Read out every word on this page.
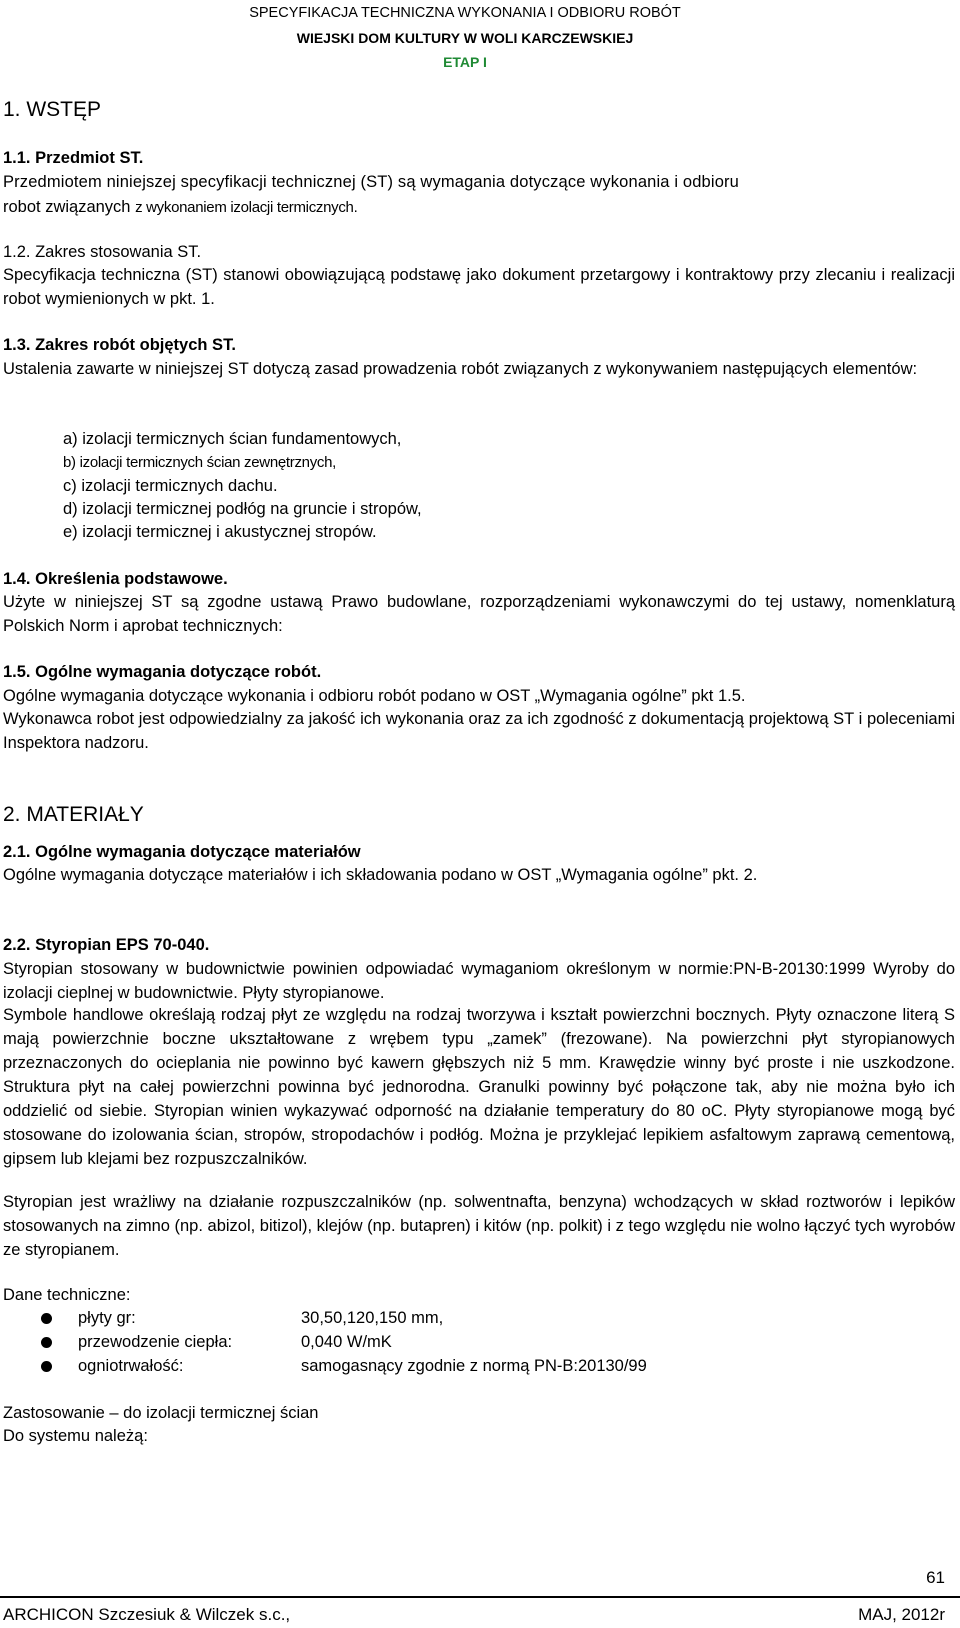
SPECYFIKACJA TECHNICZNA WYKONANIA I ODBIORU ROBÓT
WIEJSKI DOM KULTURY W WOLI KARCZEWSKIEJ
ETAP I
1. WSTĘP
1.1. Przedmiot ST.
Przedmiotem niniejszej specyfikacji technicznej (ST) są wymagania dotyczące wykonania i odbioru
robot związanych z wykonaniem izolacji termicznych.
1.2. Zakres stosowania ST.
Specyfikacja techniczna (ST) stanowi obowiązującą podstawę jako dokument przetargowy i kontraktowy przy zlecaniu i realizacji robot wymienionych w pkt. 1.
1.3. Zakres robót objętych ST.
Ustalenia zawarte w niniejszej ST dotyczą zasad prowadzenia robót związanych z wykonywaniem następujących elementów:
a) izolacji termicznych ścian fundamentowych,
b) izolacji termicznych ścian zewnętrznych,
c) izolacji termicznych dachu.
d) izolacji termicznej podłóg na gruncie i stropów,
e) izolacji termicznej i akustycznej stropów.
1.4. Określenia podstawowe.
Użyte w niniejszej ST są zgodne ustawą Prawo budowlane, rozporządzeniami wykonawczymi do tej ustawy, nomenklaturą Polskich Norm i aprobat technicznych:
1.5. Ogólne wymagania dotyczące robót.
Ogólne wymagania dotyczące wykonania i odbioru robót podano w OST „Wymagania ogólne” pkt 1.5.
Wykonawca robot jest odpowiedzialny za jakość ich wykonania oraz za ich zgodność z dokumentacją projektową ST i poleceniami Inspektora nadzoru.
2. MATERIAŁY
2.1. Ogólne wymagania dotyczące materiałów
Ogólne wymagania dotyczące materiałów i ich składowania podano w OST „Wymagania ogólne” pkt. 2.
2.2. Styropian EPS 70-040.
Styropian stosowany w budownictwie powinien odpowiadać wymaganiom określonym w normie:PN-B-20130:1999 Wyroby do izolacji cieplnej w budownictwie. Płyty styropianowe.
Symbole handlowe określają rodzaj płyt ze względu na rodzaj tworzywa i kształt powierzchni bocznych. Płyty oznaczone literą S mają powierzchnie boczne ukształtowane z wrębem typu „zamek” (frezowane). Na powierzchni płyt styropianowych przeznaczonych do ocieplania nie powinno być kawern głębszych niż 5 mm. Krawędzie winny być proste i nie uszkodzone. Struktura płyt na całej powierzchni powinna być jednorodna. Granulki powinny być połączone tak, aby nie można było ich oddzielić od siebie. Styropian winien wykazywać odporność na działanie temperatury do 80 oC. Płyty styropianowe mogą być stosowane do izolowania ścian, stropów, stropodachów i podłóg. Można je przyklejać lepikiem asfaltowym zaprawą cementową, gipsem lub klejami bez rozpuszczalników.
Styropian jest wrażliwy na działanie rozpuszczalników (np. solwentnafta, benzyna) wchodzących w skład roztworów i lepików stosowanych na zimno (np. abizol, bitizol), klejów (np. butapren) i kitów (np. polkit) i z tego względu nie wolno łączyć tych wyrobów ze styropianem.
Dane techniczne:
płyty gr:	30,50,120,150 mm,
przewodzenie ciepła:	0,040 W/mK
ogniotrwałość:	samogasnący zgodnie z normą PN-B:20130/99
Zastosowanie – do izolacji termicznej ścian
Do systemu należą:
61
ARCHICON Szczesiuk & Wilczek s.c.,	MAJ, 2012r
